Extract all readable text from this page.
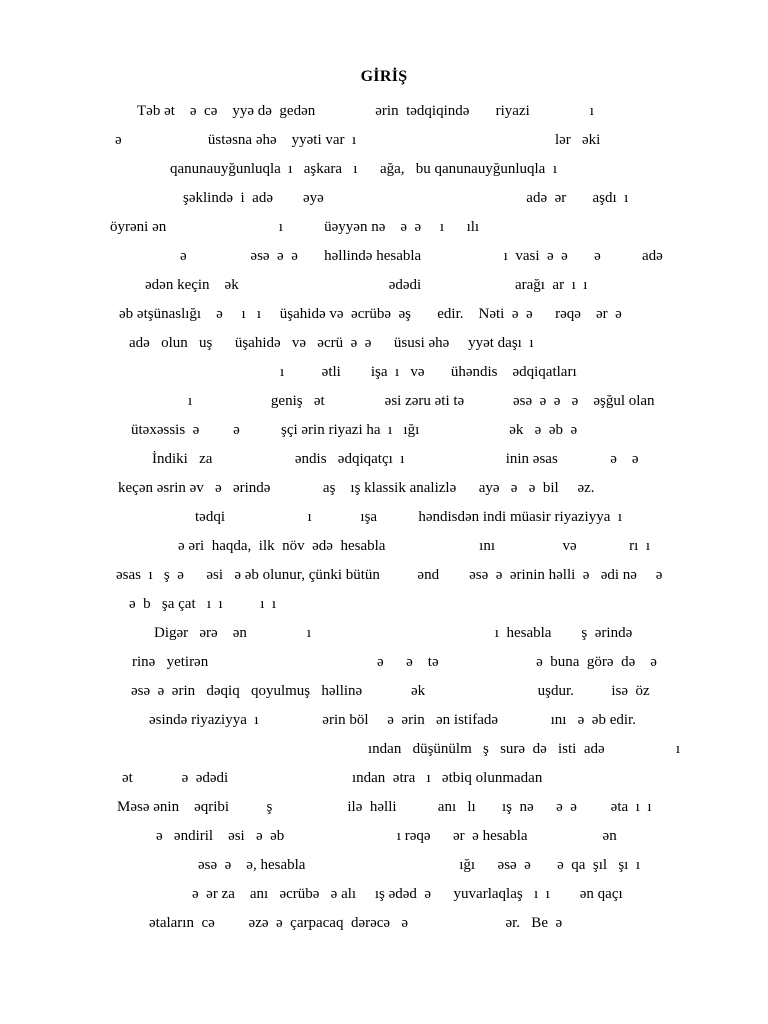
GİRİŞ
Təb ət    ə  cə    yyə də  gedən                ərin  tədqiqində       riyazi                ı
ə                       üstəsna əhə    yyəti var  ı                                                     lər   əki
qanunauyğunluqla  ı   aşkara   ı      ağa,   bu qanunauyğunluqla  ı
şəklində  i  adə        əyə                                                      adə  ər       aşdı  ı
öyrəni ən                              ı           üəyyən nə    ə  ə     ı      ılı
ə                 əsə  ə  ə       həllində hesabla                      ı  vasi  ə  ə       ə           adə
ədən keçin    ək                                        ədədi                         arağı  ar  ı  ı
əb ətşünaslığı    ə     ı   ı     üşahidə və  əcrübə  əş       edir.    Nəti  ə  ə      rəqə    ər  ə
adə   olun   uş      üşahidə   və   əcrü  ə  ə      üsusi əhə     yyət daşı  ı
ı          ətli        işa  ı   və       ühəndis    ədqiqatları
ı                     geniş   ət                əsi zəru əti tə             əsə  ə  ə   ə    əşğul olan
ütəxəssis  ə         ə           şçi ərin riyazi ha  ı   ığı                        ək   ə  əb  ə
İndiki   za                      əndis   ədqiqatçı  ı                           inin əsas              ə    ə
keçən əsrin əv   ə   ərində              aş    ış klassik analizlə      ayə   ə   ə  bil     əz.
tədqi                      ı             ışa           həndisdən indi müasir riyaziyya  ı
ə əri  haqda,  ilk  növ  ədə  hesabla                         ını                  və              rı  ı
əsas  ı   ş  ə      əsi   ə əb olunur, çünki bütün          ənd        əsə  ə  ərinin həlli  ə   ədi nə     ə
ə  b   şa çat   ı  ı          ı  ı
Digər   ərə    ən                ı                                                 ı  hesabla        ş  ərində
rinə   yetirən                                             ə      ə    tə                          ə  buna  görə  də    ə
əsə  ə  ərin   dəqiq   qoyulmuş   həllinə             ək                              uşdur.          isə  öz
əsində riyaziyya  ı                 ərin böl     ə  ərin   ən istifadə              ını   ə  əb edir.
ından   düşünülm   ş   surə  də   isti  adə                   ı
ət             ə  ədədi                                 ından  ətra   ı   ətbiq olunmadan
Məsə ənin    əqribi          ş                    ilə  həlli           anı   lı       ış  nə      ə  ə         əta  ı  ı
ə   əndiril    əsi   ə  əb                              ı rəqə      ər  ə hesabla                    ən
əsə  ə    ə, hesabla                                         ığı      əsə  ə       ə  qa  şıl   şı  ı
ə  ər za    anı   əcrübə   ə alı     ış ədəd  ə      yuvarlaqlaş   ı  ı        ən qaçı
ətaların  cə         əzə  ə  çarpacaq  dərəcə   ə                          ər.   Be  ə
